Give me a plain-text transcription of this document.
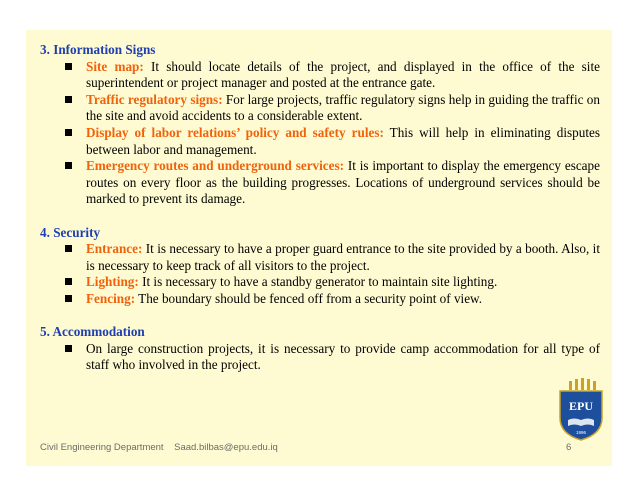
3. Information Signs

Site map: It should locate details of the project, and displayed in the office of the site superintendent or project manager and posted at the entrance gate.
Traffic regulatory signs: For large projects, traffic regulatory signs help in guiding the traffic on the site and avoid accidents to a considerable extent.
Display of labor relations’ policy and safety rules: This will help in eliminating disputes between labor and management.
Emergency routes and underground services: It is important to display the emergency escape routes on every floor as the building progresses. Locations of underground services should be marked to prevent its damage.

4. Security

Entrance: It is necessary to have a proper guard entrance to the site provided by a booth. Also, it is necessary to keep track of all visitors to the project.
Lighting: It is necessary to have a standby generator to maintain site lighting.
Fencing: The boundary should be fenced off from a security point of view.

5. Accommodation

On large construction projects, it is necessary to provide camp accommodation for all type of staff who involved in the project.
EPU
1996
Civil Engineering Department Saad.bilbas@epu.edu.iq	6
